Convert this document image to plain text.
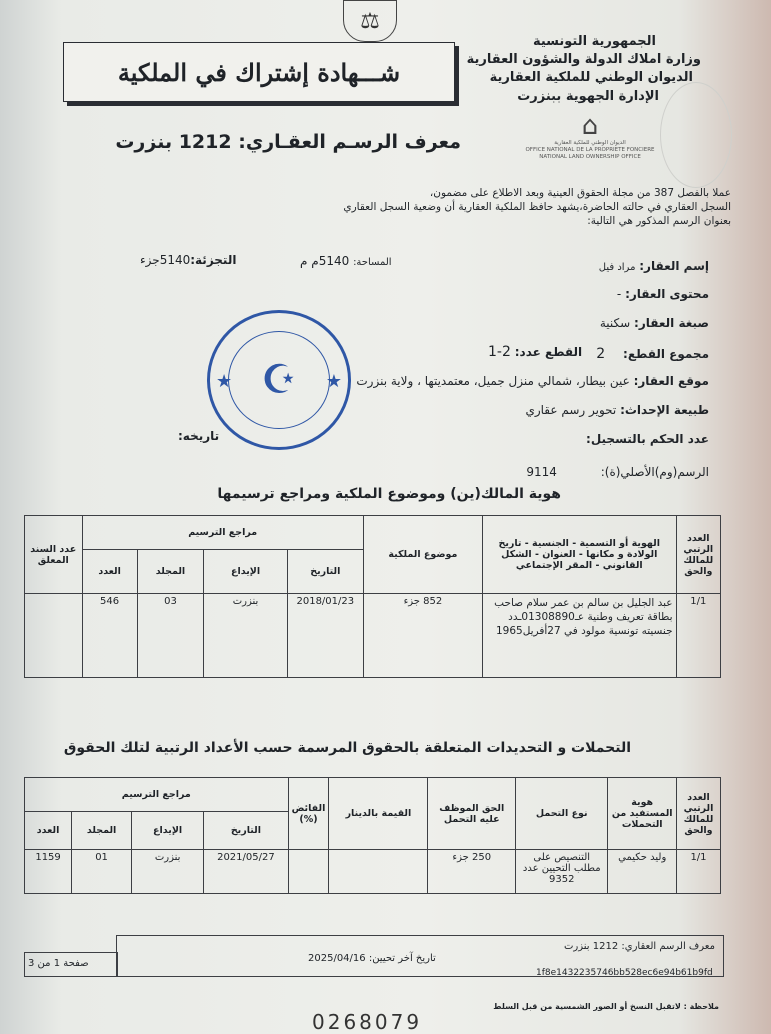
⚖
شـــهادة إشتراك في الملكية
الجمهورية التونسية
وزارة املاك الدولة والشؤون العقارية
الديوان الوطني للملكية العقارية
الإدارة الجهوية ببنزرت
⌂
الديوان الوطني للملكية العقارية
OFFICE NATIONAL DE LA PROPRIETE FONCIERE
NATIONAL LAND OWNERSHIP OFFICE
معرف الرسـم العقـاري: 1212 بنزرت
عملا بالفصل 387 من مجلة الحقوق العينية وبعد الاطلاع على مضمون،
السجل العقاري في حالته الحاضرة،يشهد حافظ الملكية العقارية أن وضعية السجل العقاري
بعنوان الرسم المذكور هي التالية:
إسم العقار: مراد فيل
المساحة: 5140م م
التجزئة:5140جزء
محتوى العقار: -
صبغة العقار: سكنية
مجموع القطع: 2
القطع عدد: 2-1
موقع العقار: عين بيطار، شمالي منزل جميل، معتمديتها ، ولاية بنزرت
طبيعة الإحداث: تحوير رسم عقاري
عدد الحكم بالتسجيل:
تاريخه:
الرسم(وم)الأصلي(ة): 9114
☪
★	★
هوية المالك(ين) وموضوع الملكية ومراجع ترسيمها
العدد الرتبي للمالك والحق	الهوية أو التسمية - الجنسية - تاريخ الولادة و مكانها - العنوان - الشكل القانوني - المقر الإجتماعي	موضوع الملكية	مراجع الترسيم				عدد السند المعلق
			التاريخ	الإيداع	المجلد	العدد	
1/1	عبد الجليل بن سالم بن عمر سلام صاحب بطاقة تعريف وطنية عـ01308890ـدد جنسيته تونسية مولود في 27أفريل1965	852 جزء	2018/01/23	بنزرت	03	546	
التحملات و التحديدات المتعلقة بالحقوق المرسمة حسب الأعداد الرتبية لتلك الحقوق
العدد الرتبي للمالك والحق	هوية المستفيد من التحملات	نوع التحمل	الحق الموظف عليه التحمل	القيمة بالدينار	الفائض (%)	مراجع الترسيم			
						التاريخ	الإيداع	المجلد	العدد
1/1	وليد حكيمي	التنصيص على مطلب التحيين عدد 9352	250 جزء			2021/05/27	بنزرت	01	1159
معرف الرسم العقاري: 1212 بنزرت
تاريخ آخر تحيين: 2025/04/16
صفحة 1 من 3
1f8e1432235746bb528ec6e94b61b9fd
ملاحظة : لاتقبل النسخ أو الصور الشمسية من قبل السلط
0268079
